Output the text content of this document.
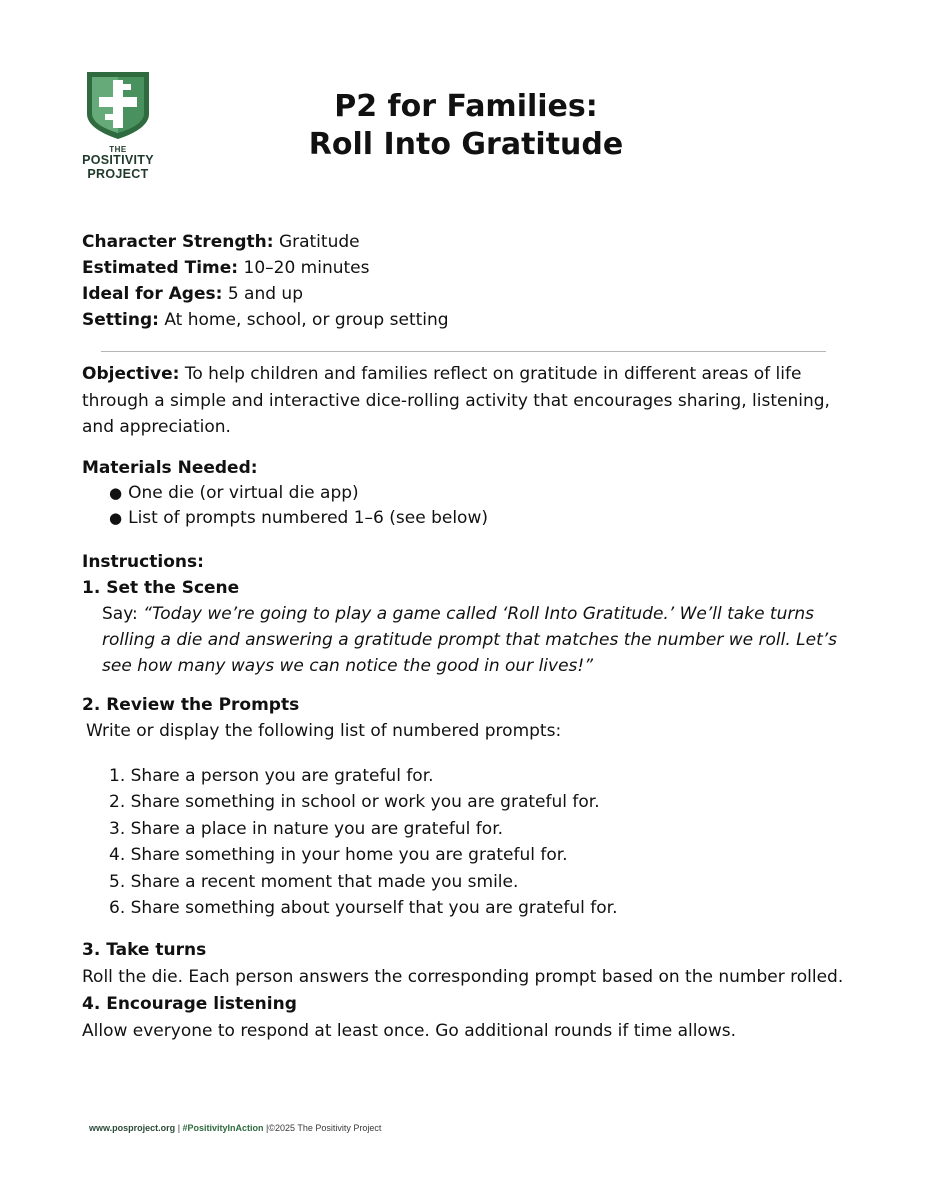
THE
POSITIVITY
PROJECT
P2 for Families:
Roll Into Gratitude
Character Strength: Gratitude
Estimated Time: 10–20 minutes
Ideal for Ages: 5 and up
Setting: At home, school, or group setting
Objective: To help children and families reflect on gratitude in different areas of life through a simple and interactive dice-rolling activity that encourages sharing, listening, and appreciation.
Materials Needed:
● One die (or virtual die app)
● List of prompts numbered 1–6 (see below)
Instructions:
1. Set the Scene
Say: “Today we’re going to play a game called ‘Roll Into Gratitude.’ We’ll take turns rolling a die and answering a gratitude prompt that matches the number we roll. Let’s see how many ways we can notice the good in our lives!”
2. Review the Prompts
Write or display the following list of numbered prompts:
1. Share a person you are grateful for.
2. Share something in school or work you are grateful for.
3. Share a place in nature you are grateful for.
4. Share something in your home you are grateful for.
5. Share a recent moment that made you smile.
6. Share something about yourself that you are grateful for.
3. Take turns
Roll the die. Each person answers the corresponding prompt based on the number rolled.
4. Encourage listening
Allow everyone to respond at least once. Go additional rounds if time allows.
www.posproject.org | #PositivityInAction |©2025 The Positivity Project
